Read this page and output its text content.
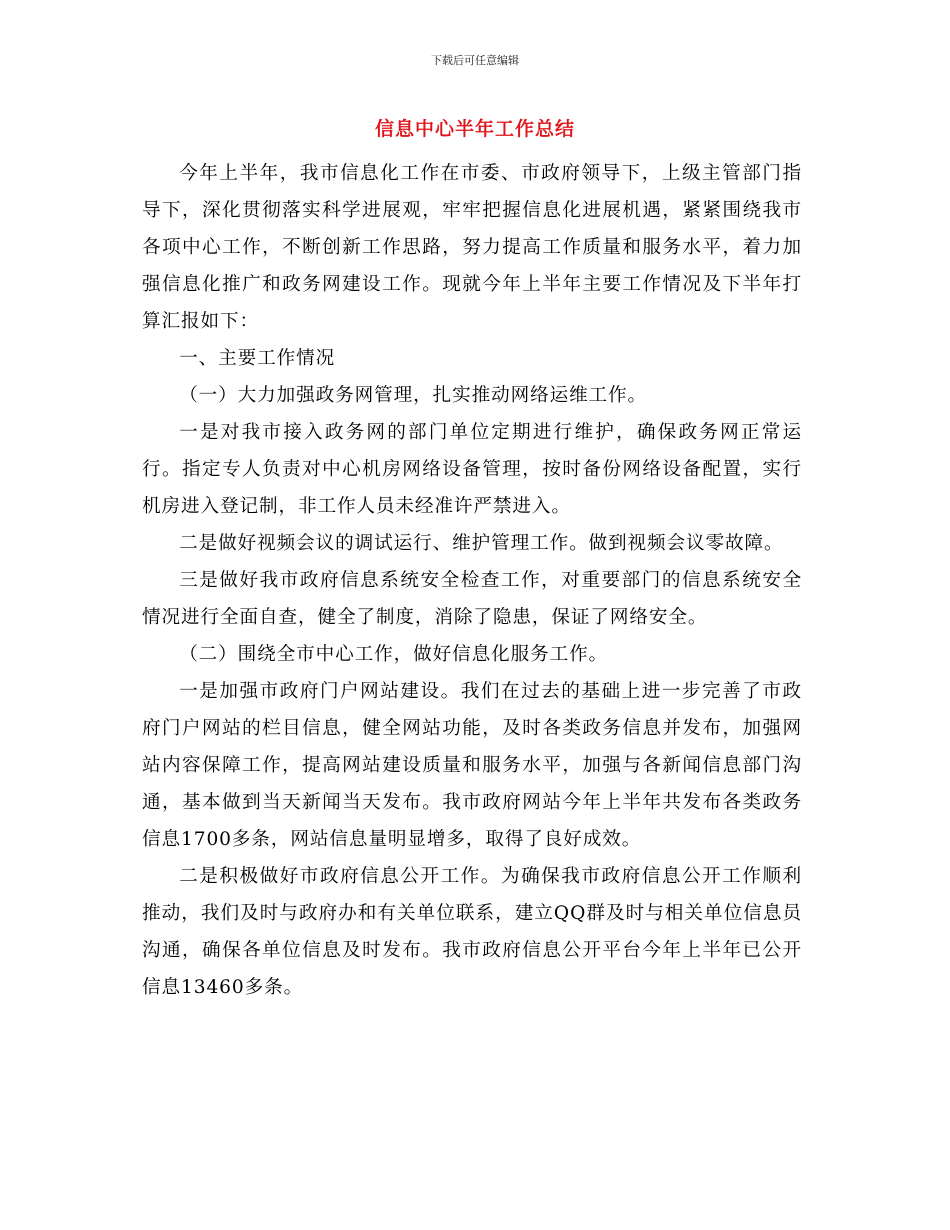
下载后可任意编辑
信息中心半年工作总结

今年上半年，我市信息化工作在市委、市政府领导下，上级主管部门指导下，深化贯彻落实科学进展观，牢牢把握信息化进展机遇，紧紧围绕我市各项中心工作，不断创新工作思路，努力提高工作质量和服务水平，着力加强信息化推广和政务网建设工作。现就今年上半年主要工作情况及下半年打算汇报如下：

一、主要工作情况

（一）大力加强政务网管理，扎实推动网络运维工作。

一是对我市接入政务网的部门单位定期进行维护，确保政务网正常运行。指定专人负责对中心机房网络设备管理，按时备份网络设备配置，实行机房进入登记制，非工作人员未经准许严禁进入。

二是做好视频会议的调试运行、维护管理工作。做到视频会议零故障。

三是做好我市政府信息系统安全检查工作，对重要部门的信息系统安全情况进行全面自查，健全了制度，消除了隐患，保证了网络安全。

（二）围绕全市中心工作，做好信息化服务工作。

一是加强市政府门户网站建设。我们在过去的基础上进一步完善了市政府门户网站的栏目信息，健全网站功能，及时各类政务信息并发布，加强网站内容保障工作，提高网站建设质量和服务水平，加强与各新闻信息部门沟通，基本做到当天新闻当天发布。我市政府网站今年上半年共发布各类政务信息1700多条，网站信息量明显增多，取得了良好成效。

二是积极做好市政府信息公开工作。为确保我市政府信息公开工作顺利推动，我们及时与政府办和有关单位联系，建立QQ群及时与相关单位信息员沟通，确保各单位信息及时发布。我市政府信息公开平台今年上半年已公开信息13460多条。
